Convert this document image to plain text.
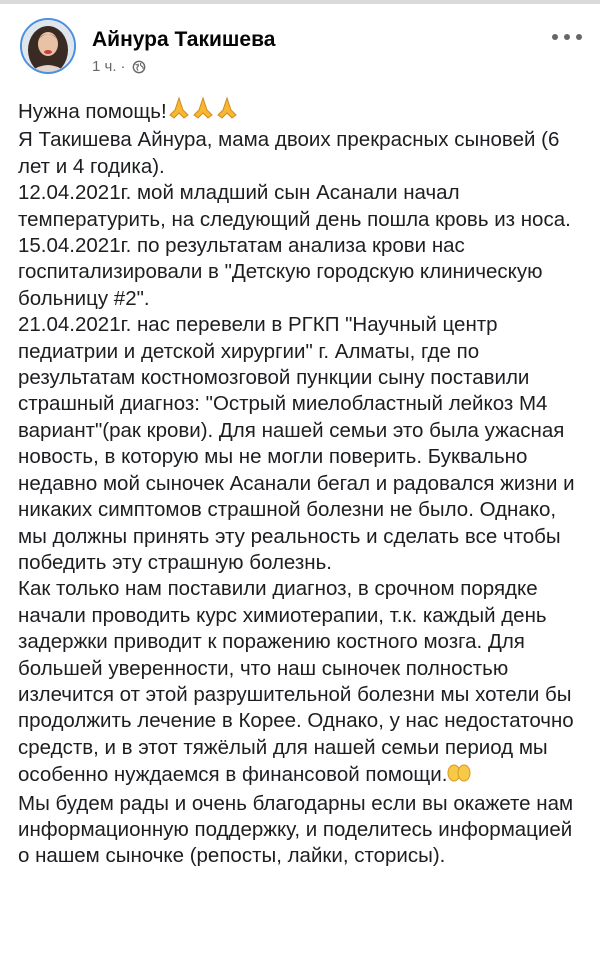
Айнура Такишева
1 ч. ·

Нужна помощь!

Я Такишева Айнура, мама двоих прекрасных сыновей (6 лет и 4 годика).

12.04.2021г. мой младший сын Асанали начал температурить, на следующий день пошла кровь из носа.

15.04.2021г. по результатам анализа крови нас госпитализировали в "Детскую городскую клиническую больницу #2".

21.04.2021г. нас перевели в РГКП "Научный центр педиатрии и детской хирургии" г. Алматы, где по результатам костномозговой пункции сыну поставили страшный диагноз: "Острый миелобластный лейкоз М4 вариант"(рак крови). Для нашей семьи это была ужасная новость, в которую мы не могли поверить. Буквально недавно мой сыночек Асанали бегал и радовался жизни и никаких симптомов страшной болезни не было. Однако, мы должны принять эту реальность и сделать все чтобы победить эту страшную болезнь.

Как только нам поставили диагноз, в срочном порядке начали проводить курс химиотерапии, т.к. каждый день задержки приводит к поражению костного мозга. Для большей уверенности, что наш сыночек полностью излечится от этой разрушительной болезни мы хотели бы продолжить лечение в Корее. Однако, у нас недостаточно средств, и в этот тяжёлый для нашей семьи период мы особенно нуждаемся в финансовой помощи.

Мы будем рады и очень благодарны если вы окажете нам информационную поддержку, и поделитесь информацией о нашем сыночке (репосты, лайки, сторисы).
